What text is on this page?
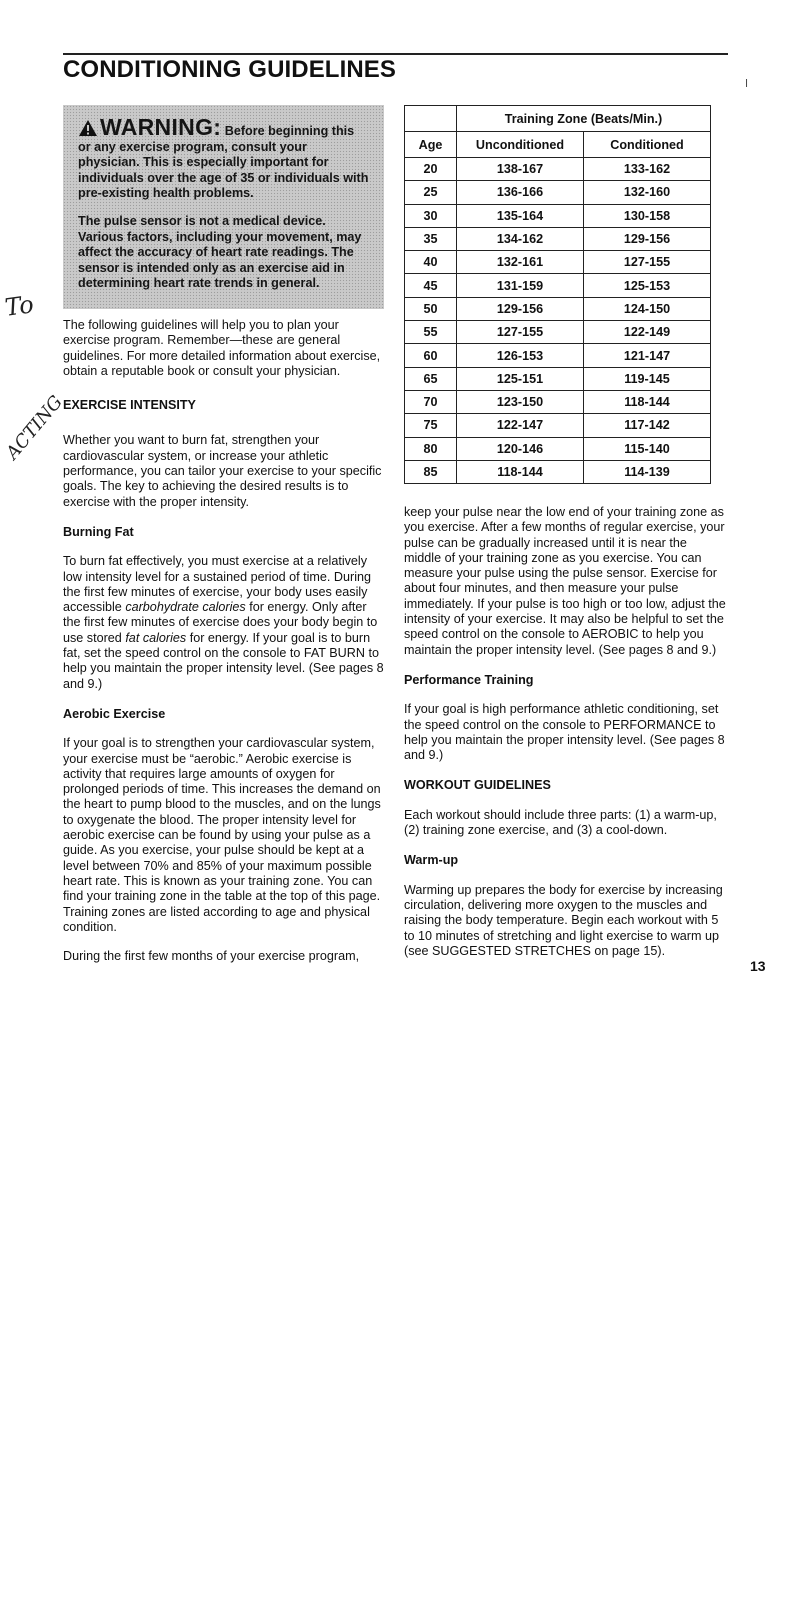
CONDITIONING GUIDELINES	ꞁ

WARNING: Before beginning this or any exercise program, consult your physician. This is especially important for individuals over the age of 35 or individuals with pre-existing health problems.

The pulse sensor is not a medical device. Various factors, including your movement, may affect the accuracy of heart rate readings. The sensor is intended only as an exercise aid in determining heart rate trends in general.

The following guidelines will help you to plan your exercise program. Remember—these are general guidelines. For more detailed information about exercise, obtain a reputable book or consult your physician.

EXERCISE INTENSITY

Whether you want to burn fat, strengthen your cardiovascular system, or increase your athletic performance, you can tailor your exercise to your specific goals. The key to achieving the desired results is to exercise with the proper intensity.

Burning Fat

To burn fat effectively, you must exercise at a relatively low intensity level for a sustained period of time. During the first few minutes of exercise, your body uses easily accessible carbohydrate calories for energy. Only after the first few minutes of exercise does your body begin to use stored fat calories for energy. If your goal is to burn fat, set the speed control on the console to FAT BURN to help you maintain the proper intensity level. (See pages 8 and 9.)

Aerobic Exercise

If your goal is to strengthen your cardiovascular system, your exercise must be “aerobic.” Aerobic exercise is activity that requires large amounts of oxygen for prolonged periods of time. This increases the demand on the heart to pump blood to the muscles, and on the lungs to oxygenate the blood. The proper intensity level for aerobic exercise can be found by using your pulse as a guide. As you exercise, your pulse should be kept at a level between 70% and 85% of your maximum possible heart rate. This is known as your training zone. You can find your training zone in the table at the top of this page. Training zones are listed according to age and physical condition.

During the first few months of your exercise program,

	Training Zone (Beats/Min.)	
Age	Unconditioned	Conditioned
20	138-167	133-162
25	136-166	132-160
30	135-164	130-158
35	134-162	129-156
40	132-161	127-155
45	131-159	125-153
50	129-156	124-150
55	127-155	122-149
60	126-153	121-147
65	125-151	119-145
70	123-150	118-144
75	122-147	117-142
80	120-146	115-140
85	118-144	114-139

keep your pulse near the low end of your training zone as you exercise. After a few months of regular exercise, your pulse can be gradually increased until it is near the middle of your training zone as you exercise. You can measure your pulse using the pulse sensor. Exercise for about four minutes, and then measure your pulse immediately. If your pulse is too high or too low, adjust the intensity of your exercise. It may also be helpful to set the speed control on the console to AEROBIC to help you maintain the proper intensity level. (See pages 8 and 9.)

Performance Training

If your goal is high performance athletic conditioning, set the speed control on the console to PERFORMANCE to help you maintain the proper intensity level. (See pages 8 and 9.)

WORKOUT GUIDELINES

Each workout should include three parts: (1) a warm-up, (2) training zone exercise, and (3) a cool-down.

Warm-up

Warming up prepares the body for exercise by increasing circulation, delivering more oxygen to the muscles and raising the body temperature. Begin each workout with 5 to 10 minutes of stretching and light exercise to warm up (see SUGGESTED STRETCHES on page 15).

13
To
ACTING
